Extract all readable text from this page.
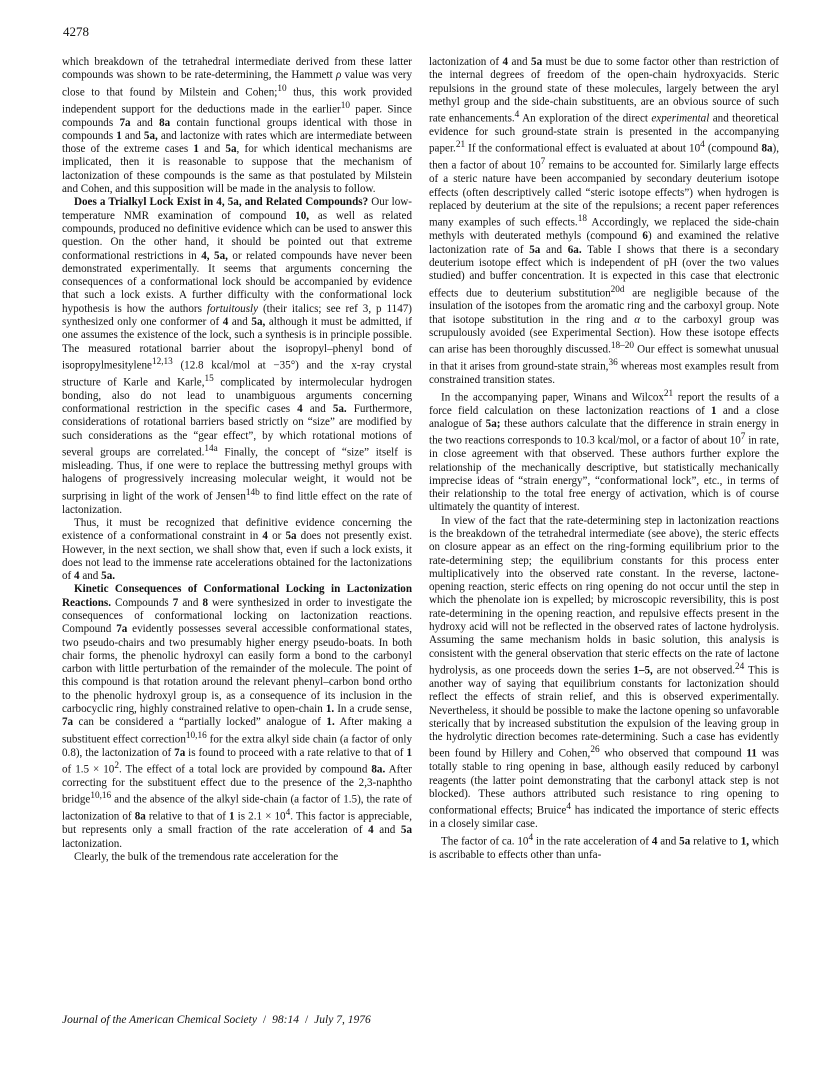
4278

which breakdown of the tetrahedral intermediate derived from these latter compounds was shown to be rate-determining, the Hammett ρ value was very close to that found by Milstein and Cohen;$^{10}$ thus, this work provided independent support for the deductions made in the earlier$^{10}$ paper. Since compounds 7a and 8a contain functional groups identical with those in compounds 1 and 5a, and lactonize with rates which are intermediate between those of the extreme cases 1 and 5a, for which identical mechanisms are implicated, then it is reasonable to suppose that the mechanism of lactonization of these compounds is the same as that postulated by Milstein and Cohen, and this supposition will be made in the analysis to follow.

Does a Trialkyl Lock Exist in 4, 5a, and Related Compounds? Our low-temperature NMR examination of compound 10, as well as related compounds, produced no definitive evidence which can be used to answer this question. On the other hand, it should be pointed out that extreme conformational restrictions in 4, 5a, or related compounds have never been demonstrated experimentally. It seems that arguments concerning the consequences of a conformational lock should be accompanied by evidence that such a lock exists. A further difficulty with the conformational lock hypothesis is how the authors fortuitously (their italics; see ref 3, p 1147) synthesized only one conformer of 4 and 5a, although it must be admitted, if one assumes the existence of the lock, such a synthesis is in principle possible. The measured rotational barrier about the isopropyl–phenyl bond of isopropylmesitylene$^{12,13}$ (12.8 kcal/mol at −35°) and the x-ray crystal structure of Karle and Karle,$^{15}$ complicated by intermolecular hydrogen bonding, also do not lead to unambiguous arguments concerning conformational restriction in the specific cases 4 and 5a. Furthermore, considerations of rotational barriers based strictly on “size” are modified by such considerations as the “gear effect”, by which rotational motions of several groups are correlated.$^{14a}$ Finally, the concept of “size” itself is misleading. Thus, if one were to replace the buttressing methyl groups with halogens of progressively increasing molecular weight, it would not be surprising in light of the work of Jensen$^{14b}$ to find little effect on the rate of lactonization.

Thus, it must be recognized that definitive evidence concerning the existence of a conformational constraint in 4 or 5a does not presently exist. However, in the next section, we shall show that, even if such a lock exists, it does not lead to the immense rate accelerations obtained for the lactonizations of 4 and 5a.

Kinetic Consequences of Conformational Locking in Lactonization Reactions. Compounds 7 and 8 were synthesized in order to investigate the consequences of conformational locking on lactonization reactions. Compound 7a evidently possesses several accessible conformational states, two pseudo-chairs and two presumably higher energy pseudo-boats. In both chair forms, the phenolic hydroxyl can easily form a bond to the carbonyl carbon with little perturbation of the remainder of the molecule. The point of this compound is that rotation around the relevant phenyl–carbon bond ortho to the phenolic hydroxyl group is, as a consequence of its inclusion in the carbocyclic ring, highly constrained relative to open-chain 1. In a crude sense, 7a can be considered a “partially locked” analogue of 1. After making a substituent effect correction$^{10,16}$ for the extra alkyl side chain (a factor of only 0.8), the lactonization of 7a is found to proceed with a rate relative to that of 1 of $1.5 \times 10^2$. The effect of a total lock are provided by compound 8a. After correcting for the substituent effect due to the presence of the 2,3-naphtho bridge$^{10,16}$ and the absence of the alkyl side-chain (a factor of 1.5), the rate of lactonization of 8a relative to that of 1 is $2.1 \times 10^4$. This factor is appreciable, but represents only a small fraction of the rate acceleration of 4 and 5a lactonization.

Clearly, the bulk of the tremendous rate acceleration for the

lactonization of 4 and 5a must be due to some factor other than restriction of the internal degrees of freedom of the open-chain hydroxyacids. Steric repulsions in the ground state of these molecules, largely between the aryl methyl group and the side-chain substituents, are an obvious source of such rate enhancements.$^4$ An exploration of the direct experimental and theoretical evidence for such ground-state strain is presented in the accompanying paper.$^{21}$ If the conformational effect is evaluated at about $10^4$ (compound 8a), then a factor of about $10^7$ remains to be accounted for. Similarly large effects of a steric nature have been accompanied by secondary deuterium isotope effects (often descriptively called “steric isotope effects”) when hydrogen is replaced by deuterium at the site of the repulsions; a recent paper references many examples of such effects.$^{18}$ Accordingly, we replaced the side-chain methyls with deuterated methyls (compound 6) and examined the relative lactonization rate of 5a and 6a. Table I shows that there is a secondary deuterium isotope effect which is independent of pH (over the two values studied) and buffer concentration. It is expected in this case that electronic effects due to deuterium substitution$^{20d}$ are negligible because of the insulation of the isotopes from the aromatic ring and the carboxyl group. Note that isotope substitution in the ring and α to the carboxyl group was scrupulously avoided (see Experimental Section). How these isotope effects can arise has been thoroughly discussed.$^{18-20}$ Our effect is somewhat unusual in that it arises from ground-state strain,$^{36}$ whereas most examples result from constrained transition states.

In the accompanying paper, Winans and Wilcox$^{21}$ report the results of a force field calculation on these lactonization reactions of 1 and a close analogue of 5a; these authors calculate that the difference in strain energy in the two reactions corresponds to 10.3 kcal/mol, or a factor of about $10^7$ in rate, in close agreement with that observed. These authors further explore the relationship of the mechanically descriptive, but statistically mechanically imprecise ideas of “strain energy”, “conformational lock”, etc., in terms of their relationship to the total free energy of activation, which is of course ultimately the quantity of interest.

In view of the fact that the rate-determining step in lactonization reactions is the breakdown of the tetrahedral intermediate (see above), the steric effects on closure appear as an effect on the ring-forming equilibrium prior to the rate-determining step; the equilibrium constants for this process enter multiplicatively into the observed rate constant. In the reverse, lactone-opening reaction, steric effects on ring opening do not occur until the step in which the phenolate ion is expelled; by microscopic reversibility, this is post rate-determining in the opening reaction, and repulsive effects present in the hydroxy acid will not be reflected in the observed rates of lactone hydrolysis. Assuming the same mechanism holds in basic solution, this analysis is consistent with the general observation that steric effects on the rate of lactone hydrolysis, as one proceeds down the series 1–5, are not observed.$^{24}$ This is another way of saying that equilibrium constants for lactonization should reflect the effects of strain relief, and this is observed experimentally. Nevertheless, it should be possible to make the lactone opening so unfavorable sterically that by increased substitution the expulsion of the leaving group in the hydrolytic direction becomes rate-determining. Such a case has evidently been found by Hillery and Cohen,$^{26}$ who observed that compound 11 was totally stable to ring opening in base, although easily reduced by carbonyl reagents (the latter point demonstrating that the carbonyl attack step is not blocked). These authors attributed such resistance to ring opening to conformational effects; Bruice$^4$ has indicated the importance of steric effects in a closely similar case.

The factor of ca. $10^4$ in the rate acceleration of 4 and 5a relative to 1, which is ascribable to effects other than unfa-

Journal of the American Chemical Society / 98:14 / July 7, 1976
